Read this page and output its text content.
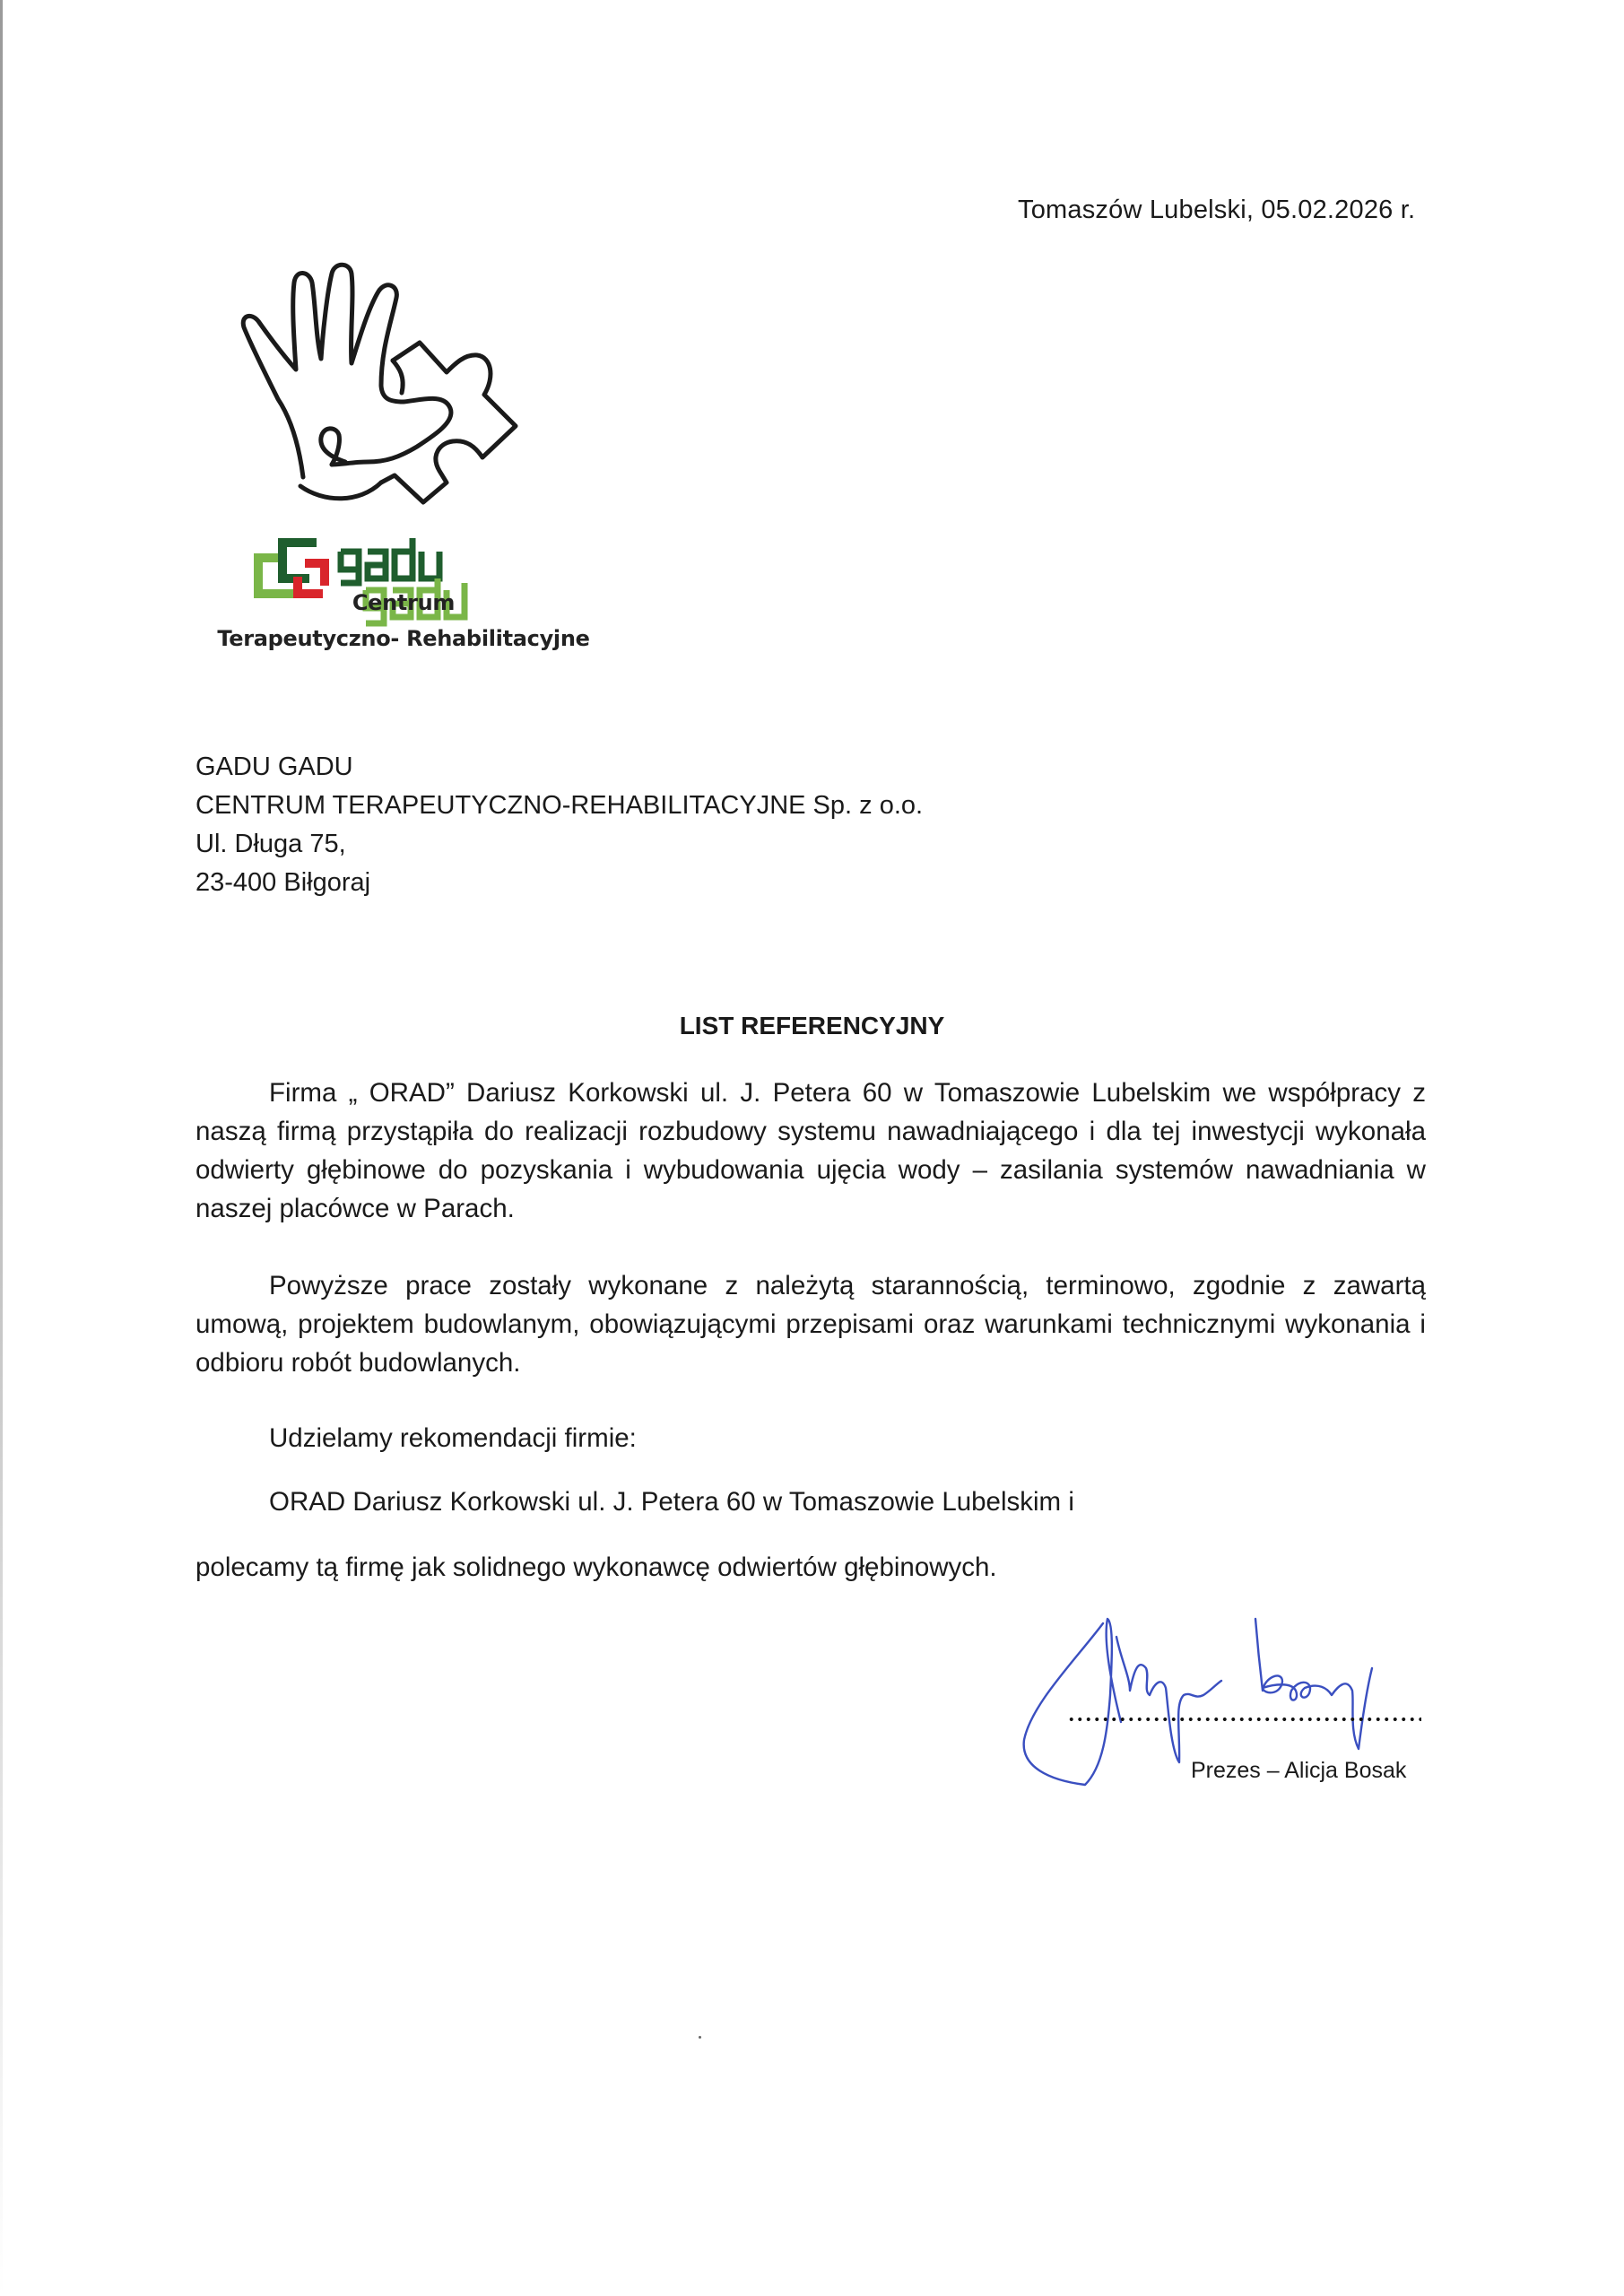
Tomaszów Lubelski, 05.02.2026 r.
Centrum
Terapeutyczno- Rehabilitacyjne
GADU GADU
CENTRUM TERAPEUTYCZNO-REHABILITACYJNE Sp. z o.o.
Ul. Długa 75,
23-400 Biłgoraj
LIST REFERENCYJNY
Firma „ ORAD” Dariusz Korkowski ul. J. Petera 60 w Tomaszowie Lubelskim we współpracy z naszą firmą przystąpiła do realizacji rozbudowy systemu nawadniającego i dla tej inwestycji wykonała odwierty głębinowe do pozyskania i wybudowania ujęcia wody – zasilania systemów nawadniania w naszej placówce w Parach.
Powyższe prace zostały wykonane z należytą starannością, terminowo, zgodnie z zawartą umową, projektem budowlanym, obowiązującymi przepisami oraz warunkami technicznymi wykonania i odbioru robót budowlanych.
Udzielamy rekomendacji firmie:
ORAD Dariusz Korkowski ul. J. Petera 60 w Tomaszowie Lubelskim i
polecamy tą firmę jak solidnego wykonawcę odwiertów głębinowych.
Prezes – Alicja Bosak
